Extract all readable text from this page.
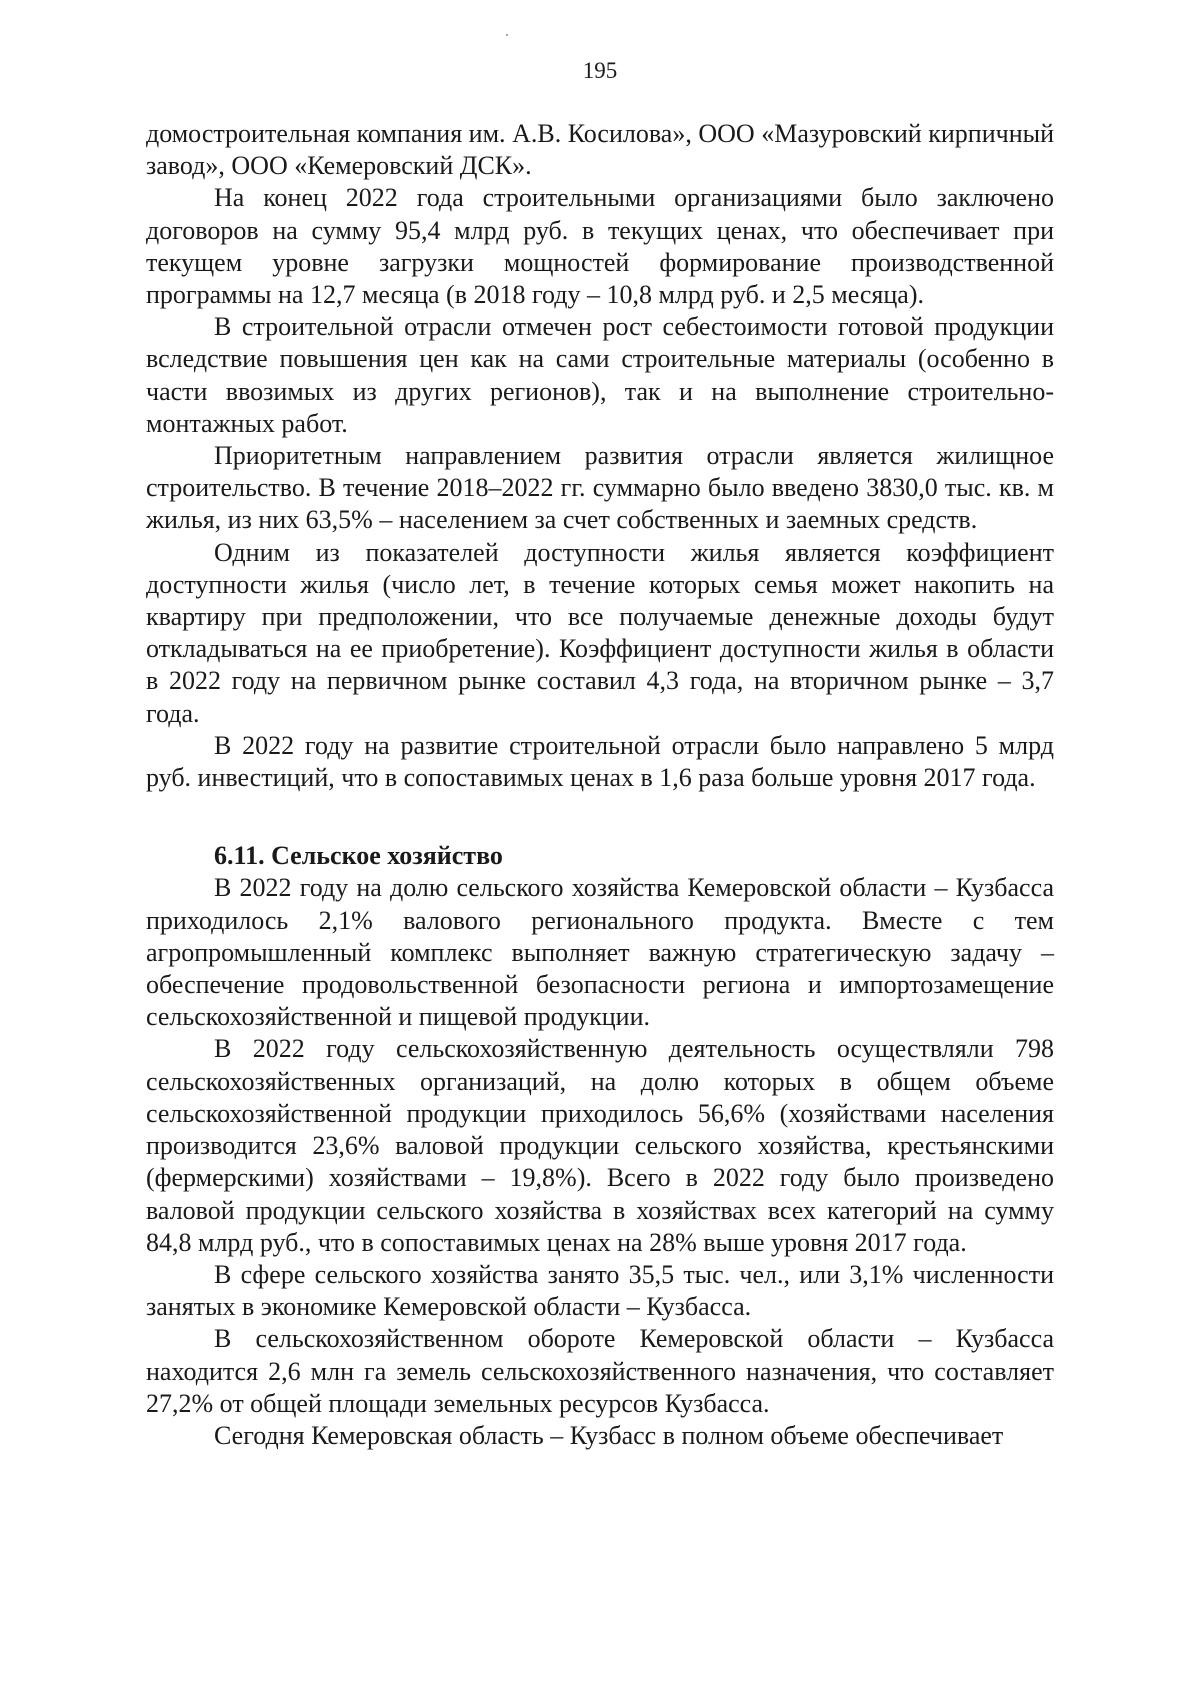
195

домостроительная компания им. А.В. Косилова», ООО «Мазуровский кирпичный завод», ООО «Кемеровский ДСК».

На конец 2022 года строительными организациями было заключено договоров на сумму 95,4 млрд руб. в текущих ценах, что обеспечивает при текущем уровне загрузки мощностей формирование производственной программы на 12,7 месяца (в 2018 году – 10,8 млрд руб. и 2,5 месяца).

В строительной отрасли отмечен рост себестоимости готовой продукции вследствие повышения цен как на сами строительные материалы (особенно в части ввозимых из других регионов), так и на выполнение строительно-монтажных работ.

Приоритетным направлением развития отрасли является жилищное строительство. В течение 2018–2022 гг. суммарно было введено 3830,0 тыс. кв. м жилья, из них 63,5% – населением за счет собственных и заемных средств.

Одним из показателей доступности жилья является коэффициент доступности жилья (число лет, в течение которых семья может накопить на квартиру при предположении, что все получаемые денежные доходы будут откладываться на ее приобретение). Коэффициент доступности жилья в области в 2022 году на первичном рынке составил 4,3 года, на вторичном рынке – 3,7 года.

В 2022 году на развитие строительной отрасли было направлено 5 млрд руб. инвестиций, что в сопоставимых ценах в 1,6 раза больше уровня 2017 года.

6.11. Сельское хозяйство

В 2022 году на долю сельского хозяйства Кемеровской области – Кузбасса приходилось 2,1% валового регионального продукта. Вместе с тем агропромышленный комплекс выполняет важную стратегическую задачу – обеспечение продовольственной безопасности региона и импортозамещение сельскохозяйственной и пищевой продукции.

В 2022 году сельскохозяйственную деятельность осуществляли 798 сельскохозяйственных организаций, на долю которых в общем объеме сельскохозяйственной продукции приходилось 56,6% (хозяйствами населения производится 23,6% валовой продукции сельского хозяйства, крестьянскими (фермерскими) хозяйствами – 19,8%). Всего в 2022 году было произведено валовой продукции сельского хозяйства в хозяйствах всех категорий на сумму 84,8 млрд руб., что в сопоставимых ценах на 28% выше уровня 2017 года.

В сфере сельского хозяйства занято 35,5 тыс. чел., или 3,1% численности занятых в экономике Кемеровской области – Кузбасса.

В сельскохозяйственном обороте Кемеровской области – Кузбасса находится 2,6 млн га земель сельскохозяйственного назначения, что составляет 27,2% от общей площади земельных ресурсов Кузбасса.

Сегодня Кемеровская область – Кузбасс в полном объеме обеспечивает
